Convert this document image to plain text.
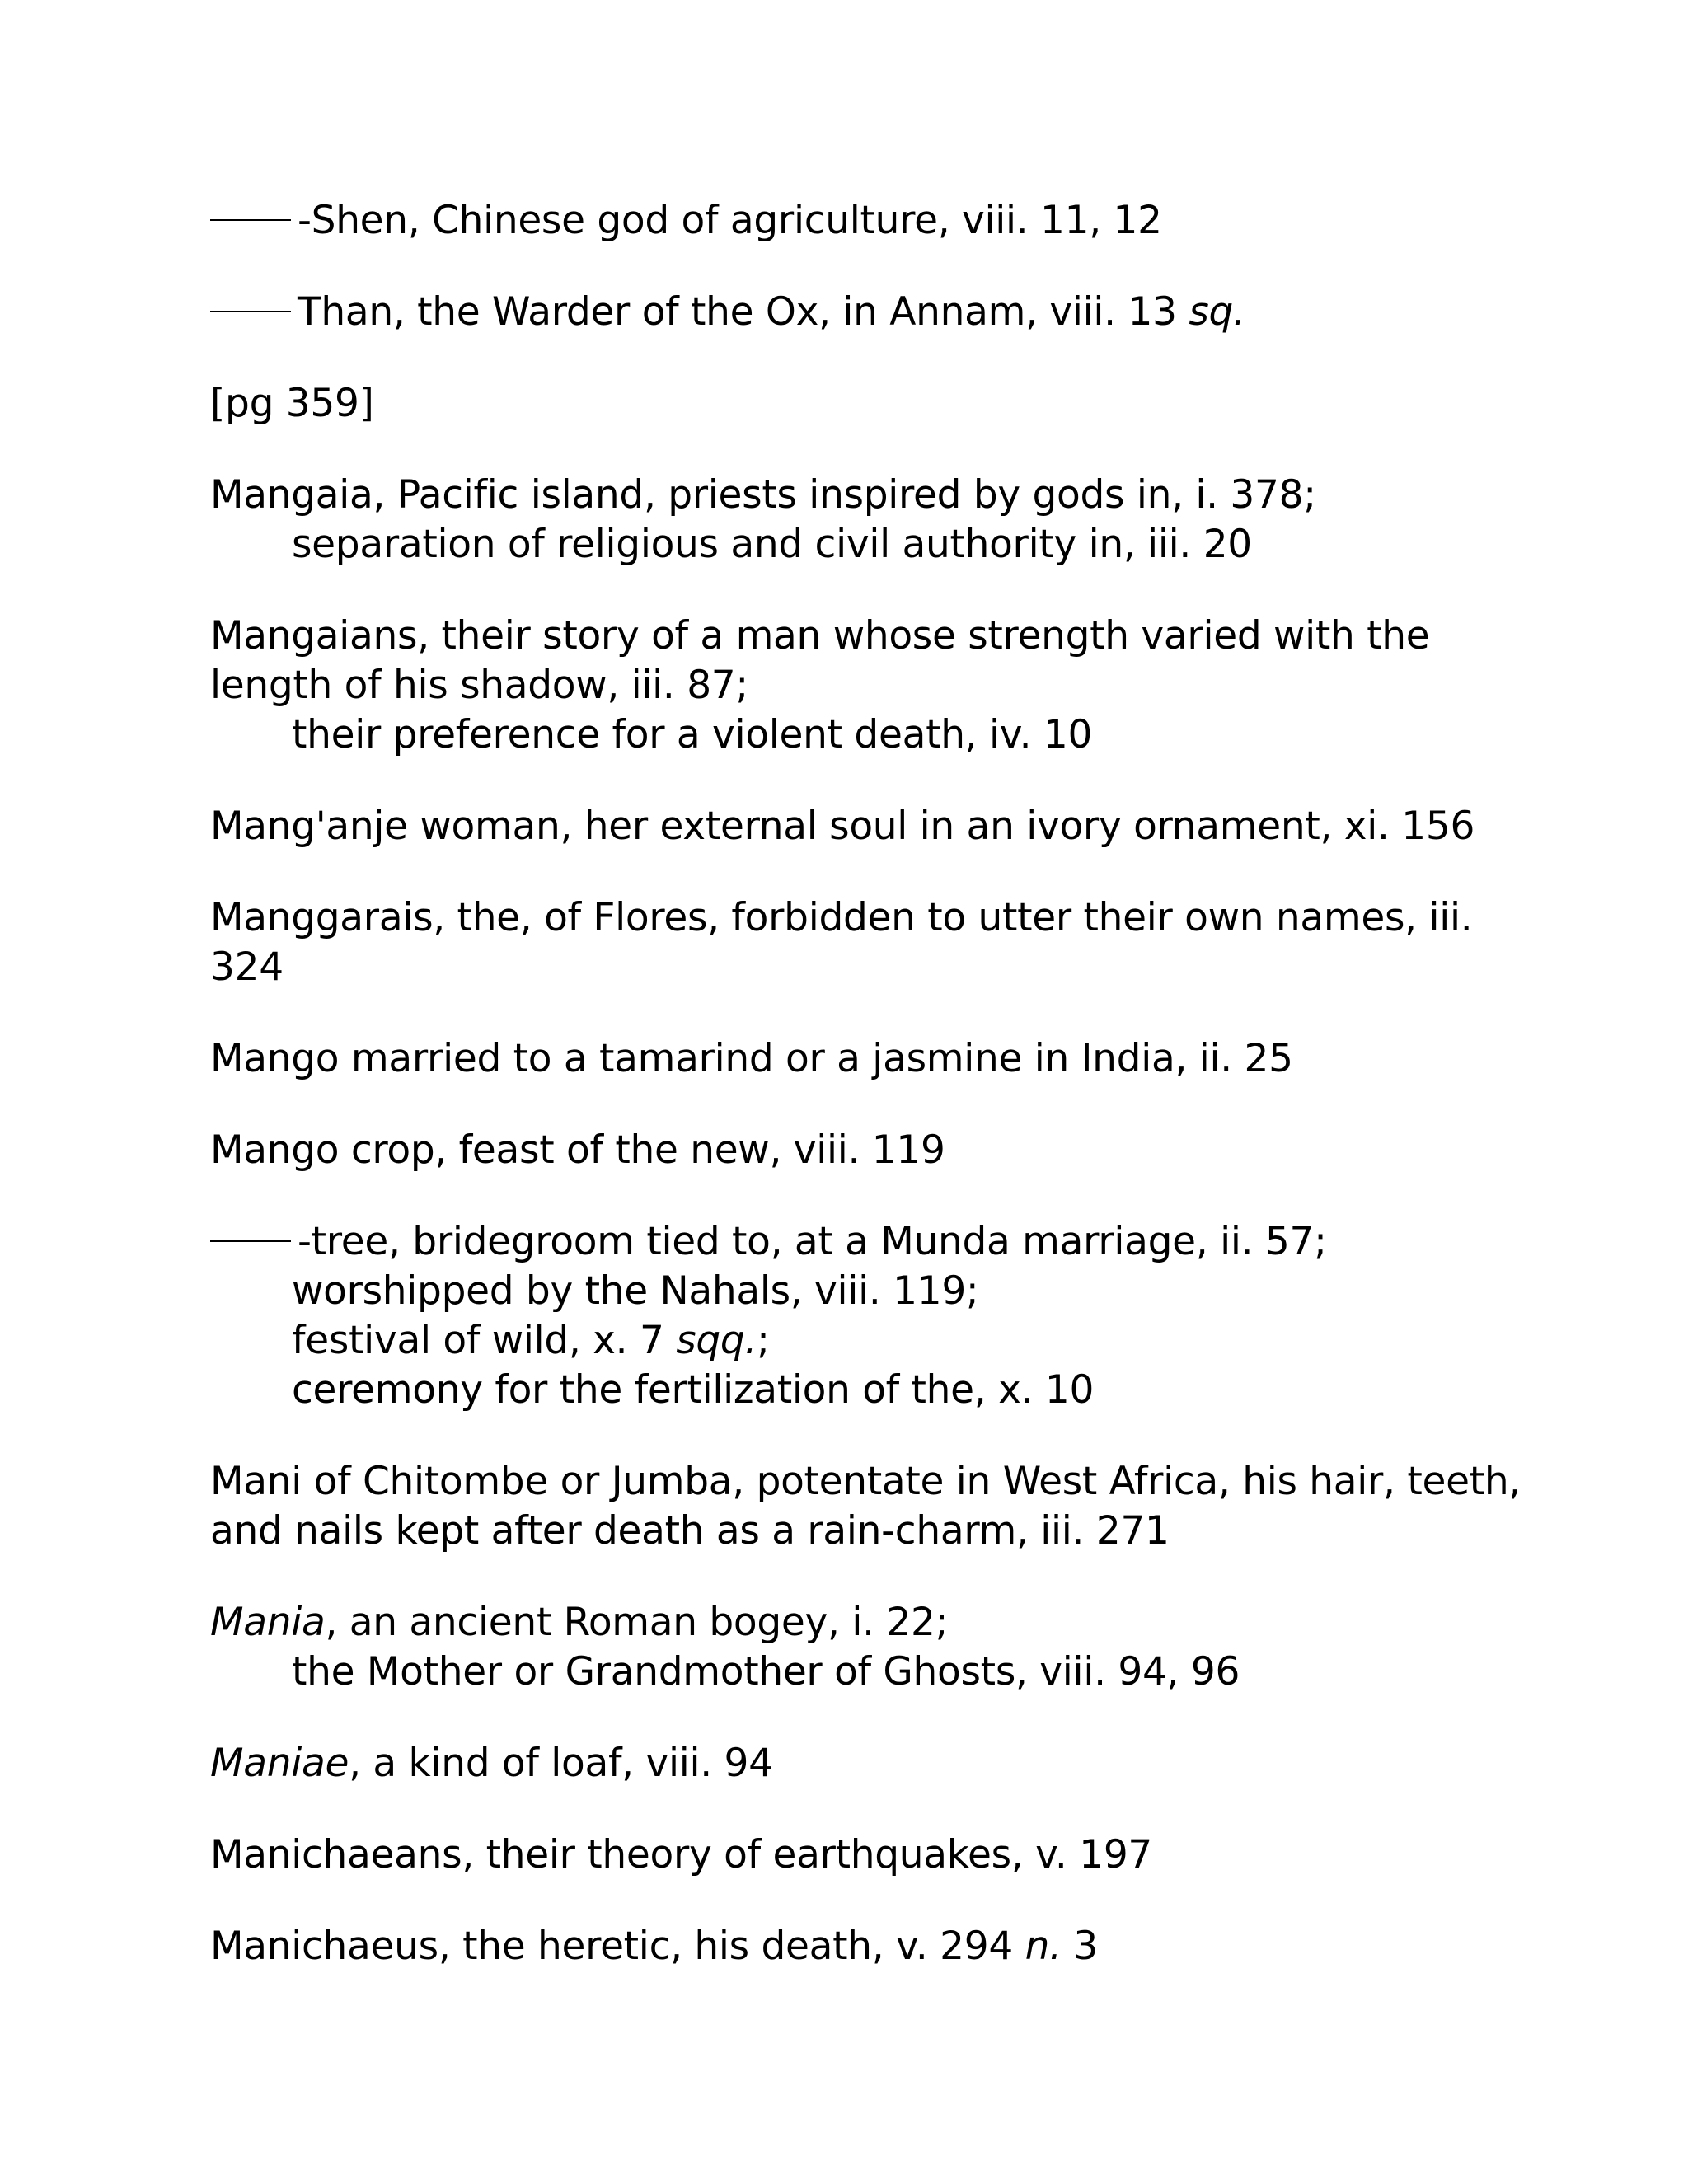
-Shen, Chinese god of agriculture, viii. 11, 12
Than, the Warder of the Ox, in Annam, viii. 13 sq.
[pg 359]
Mangaia, Pacific island, priests inspired by gods in, i. 378;
separation of religious and civil authority in, iii. 20
Mangaians, their story of a man whose strength varied with the
length of his shadow, iii. 87;
their preference for a violent death, iv. 10
Mang'anje woman, her external soul in an ivory ornament, xi. 156
Manggarais, the, of Flores, forbidden to utter their own names, iii.
324
Mango married to a tamarind or a jasmine in India, ii. 25
Mango crop, feast of the new, viii. 119
-tree, bridegroom tied to, at a Munda marriage, ii. 57;
worshipped by the Nahals, viii. 119;
festival of wild, x. 7 sqq.;
ceremony for the fertilization of the, x. 10
Mani of Chitombe or Jumba, potentate in West Africa, his hair, teeth,
and nails kept after death as a rain-charm, iii. 271
Mania, an ancient Roman bogey, i. 22;
the Mother or Grandmother of Ghosts, viii. 94, 96
Maniae, a kind of loaf, viii. 94
Manichaeans, their theory of earthquakes, v. 197
Manichaeus, the heretic, his death, v. 294 n. 3
